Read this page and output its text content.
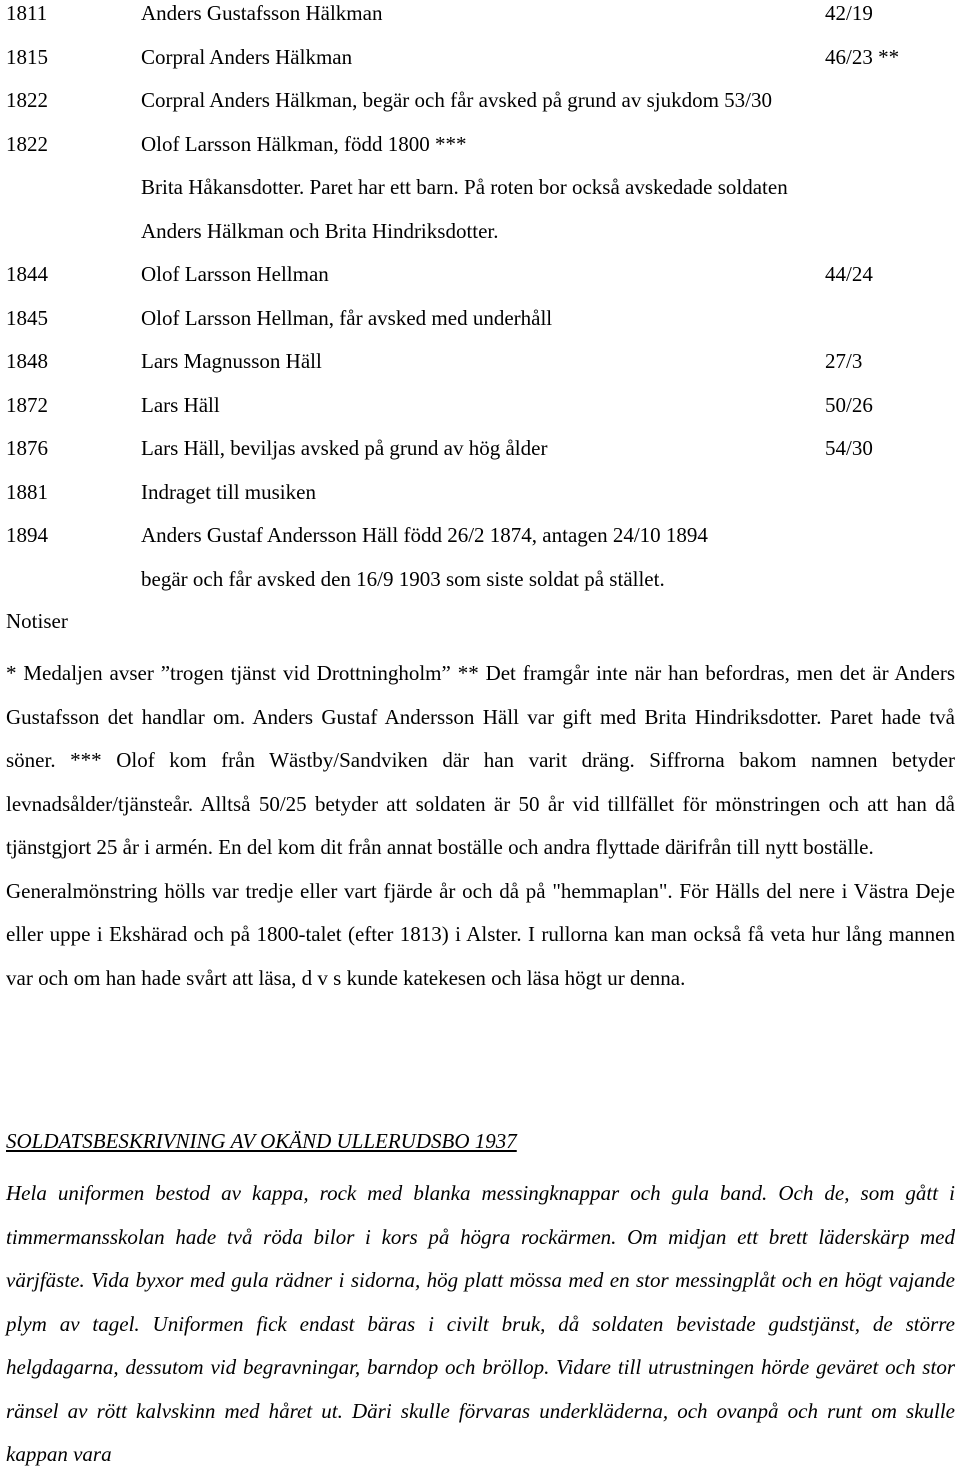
1811	Anders Gustafsson Hälkman	42/19
1815	Corpral Anders Hälkman	46/23 **
1822	Corpral Anders Hälkman, begär och får avsked på grund av sjukdom 53/30
1822	Olof Larsson Hälkman, född 1800 ***
Brita Håkansdotter. Paret har ett barn. På roten bor också avskedade soldaten
Anders Hälkman och Brita Hindriksdotter.
1844	Olof Larsson Hellman	44/24
1845	Olof Larsson Hellman, får avsked med underhåll
1848	Lars Magnusson Häll	27/3
1872	Lars Häll	50/26
1876	Lars Häll, beviljas avsked på grund av hög ålder	54/30
1881	Indraget till musiken
1894	Anders Gustaf Andersson Häll född 26/2 1874, antagen 24/10 1894
begär och får avsked den 16/9 1903 som siste soldat på stället.
Notiser

* Medaljen avser ”trogen tjänst vid Drottningholm” ** Det framgår inte när han befordras, men det är Anders Gustafsson det handlar om. Anders Gustaf Andersson Häll var gift med Brita Hindriksdotter. Paret hade två söner. *** Olof kom från Wästby/Sandviken där han varit dräng. Siffrorna bakom namnen betyder levnadsålder/tjänsteår. Alltså 50/25 betyder att soldaten är 50 år vid tillfället för mönstringen och att han då tjänstgjort 25 år i armén. En del kom dit från annat boställe och andra flyttade därifrån till nytt boställe.

Generalmönstring hölls var tredje eller vart fjärde år och då på "hemmaplan". För Hälls del nere i Västra Deje eller uppe i Ekshärad och på 1800-talet (efter 1813) i Alster. I rullorna kan man också få veta hur lång mannen var och om han hade svårt att läsa, d v s kunde katekesen och läsa högt ur denna.

SOLDATSBESKRIVNING AV OKÄND ULLERUDSBO 1937

Hela uniformen bestod av kappa, rock med blanka messingknappar och gula band. Och de, som gått i timmermansskolan hade två röda bilor i kors på högra rockärmen. Om midjan ett brett läderskärp med värjfäste. Vida byxor med gula rädner i sidorna, hög platt mössa med en stor messingplåt och en högt vajande plym av tagel. Uniformen fick endast bäras i civilt bruk, då soldaten bevistade gudstjänst, de större helgdagarna, dessutom vid begravningar, barndop och bröllop. Vidare till utrustningen hörde geväret och stor ränsel av rött kalvskinn med håret ut. Däri skulle förvaras underkläderna, och ovanpå och runt om skulle kappan vara
